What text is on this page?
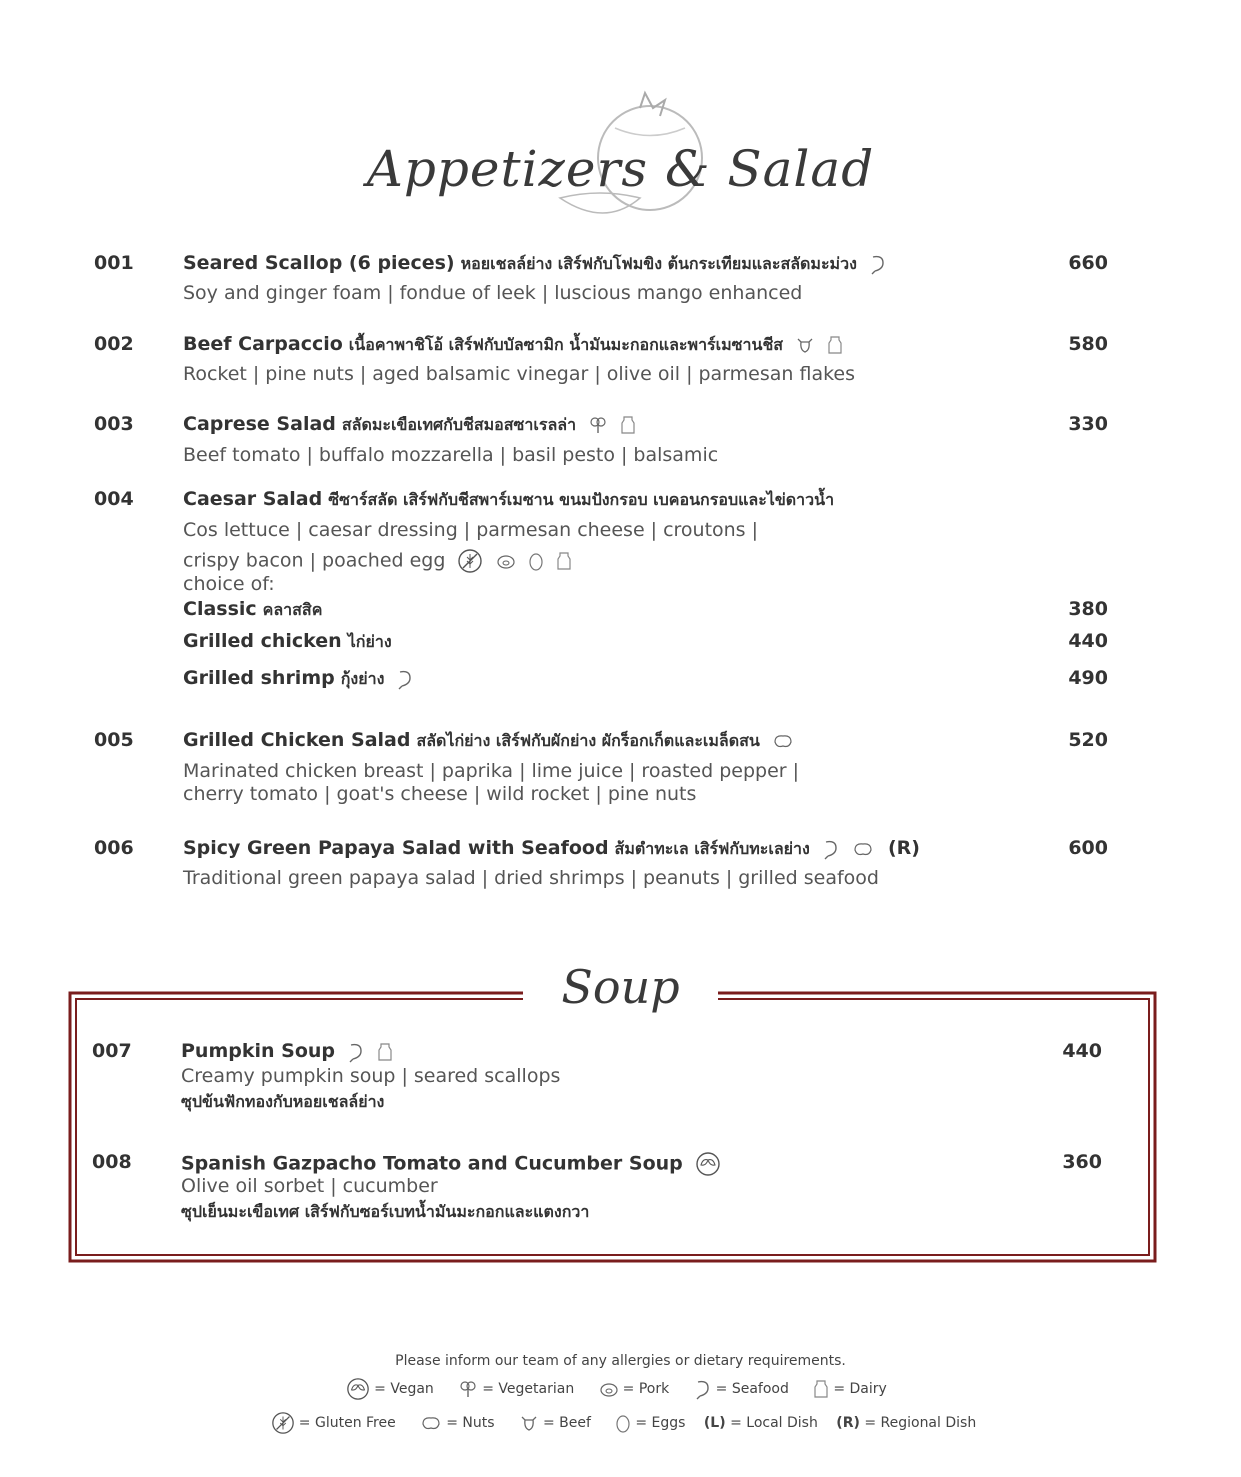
Appetizers & Salad
001	Seared Scallop (6 pieces) หอยเชลล์ย่าง เสิร์ฟกับโฟมขิง ต้นกระเทียมและสลัดมะม่วง	660
Soy and ginger foam | fondue of leek | luscious mango enhanced
002	Beef Carpaccio เนื้อคาพาชิโอ้ เสิร์ฟกับบัลซามิก น้ำมันมะกอกและพาร์เมซานชีส	580
Rocket | pine nuts | aged balsamic vinegar | olive oil | parmesan flakes
003	Caprese Salad สลัดมะเขือเทศกับชีสมอสซาเรลล่า	330
Beef tomato | buffalo mozzarella | basil pesto | balsamic
004	Caesar Salad ซีซาร์สลัด เสิร์ฟกับชีสพาร์เมซาน ขนมปังกรอบ เบคอนกรอบและไข่ดาวน้ำ
Cos lettuce | caesar dressing | parmesan cheese | croutons |
crispy bacon | poached egg
choice of:
Classic คลาสสิค	380
Grilled chicken ไก่ย่าง	440
Grilled shrimp กุ้งย่าง	490
005	Grilled Chicken Salad สลัดไก่ย่าง เสิร์ฟกับผักย่าง ผักร็อกเก็ตและเมล็ดสน	520
Marinated chicken breast | paprika | lime juice | roasted pepper |
cherry tomato | goat's cheese | wild rocket | pine nuts
006	Spicy Green Papaya Salad with Seafood ส้มตำทะเล เสิร์ฟกับทะเลย่าง	(R)	600
Traditional green papaya salad | dried shrimps | peanuts | grilled seafood
Soup
007	Pumpkin Soup	440
Creamy pumpkin soup | seared scallops
ซุปข้นฟักทองกับหอยเชลล์ย่าง
008	Spanish Gazpacho Tomato and Cucumber Soup	360
Olive oil sorbet | cucumber
ซุปเย็นมะเขือเทศ เสิร์ฟกับซอร์เบทน้ำมันมะกอกและแตงกวา
Please inform our team of any allergies or dietary requirements.
= Vegan	= Vegetarian	= Pork	= Seafood	= Dairy
= Gluten Free	= Nuts	= Beef	= Eggs (L) = Local Dish (R) = Regional Dish
